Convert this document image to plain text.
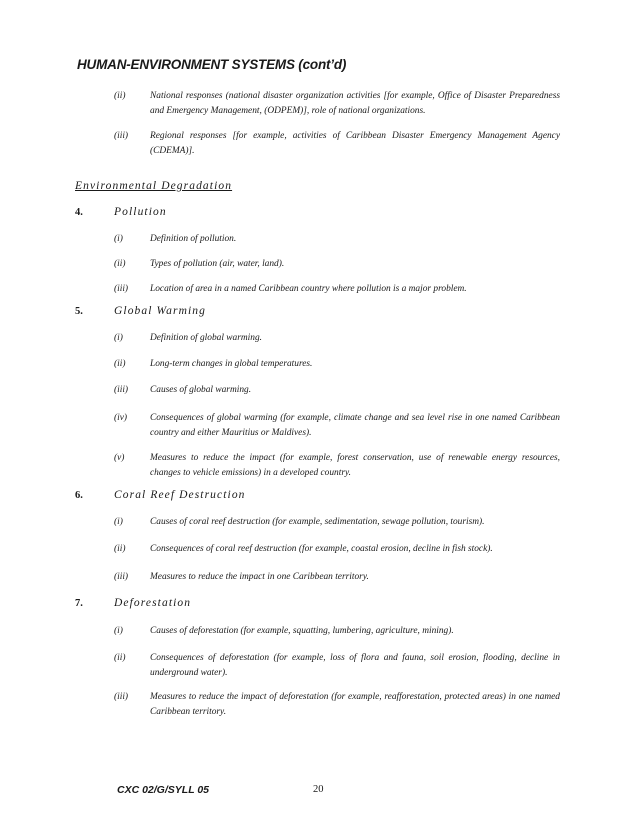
HUMAN-ENVIRONMENT SYSTEMS (cont’d)
(ii)	National responses (national disaster organization activities [for example, Office of Disaster Preparedness and Emergency Management, (ODPEM)], role of national organizations.
(iii) Regional responses [for example, activities of Caribbean Disaster Emergency Management Agency (CDEMA)].
Environmental Degradation
4.	Pollution
(i)	Definition of pollution.
(ii)	Types of pollution (air, water, land).
(iii) Location of area in a named Caribbean country where pollution is a major problem.
5.	Global Warming
(i)	Definition of global warming.
(ii)	Long-term changes in global temperatures.
(iii) Causes of global warming.
(iv) Consequences of global warming (for example, climate change and sea level rise in one named Caribbean country and either Mauritius or Maldives).
(v)	Measures to reduce the impact (for example, forest conservation, use of renewable energy resources, changes to vehicle emissions) in a developed country.
6.	Coral Reef Destruction
(i)	Causes of coral reef destruction (for example, sedimentation, sewage pollution, tourism).
(ii)	Consequences of coral reef destruction (for example, coastal erosion, decline in fish stock).
(iii) Measures to reduce the impact in one Caribbean territory.
7.	Deforestation
(i)	Causes of deforestation (for example, squatting, lumbering, agriculture, mining).
(ii)	Consequences of deforestation (for example, loss of flora and fauna, soil erosion, flooding, decline in underground water).
(iii) Measures to reduce the impact of deforestation (for example, reafforestation, protected areas) in one named Caribbean territory.
CXC 02/G/SYLL 05	20
